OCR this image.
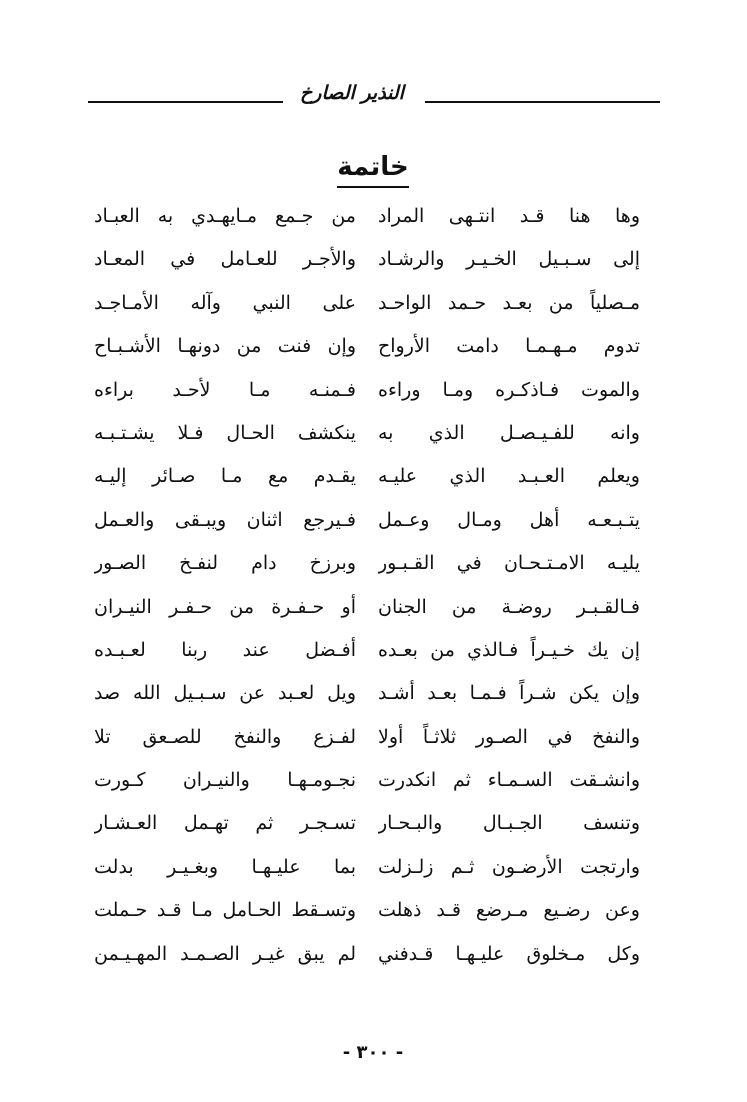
النذير الصارخ
خاتمة
وها هنا قـد انتـهى المراد
من جـمع مـايهـدي به العبـاد
إلى سـبـيل الخـيـر والرشـاد
والأجـر للعـامل في المعـاد
مـصلياً من بعـد حـمد الواحـد
على النبي وآله الأمـاجـد
تدوم مـهـمـا دامت الأرواح
وإن فنت من دونهـا الأشـبـاح
والموت فـاذكـره ومـا وراءه
فـمنـه مـا لأحـد براءه
وانه للفـيـصـل الذي به
ينكشف الحـال فـلا يشـتـبـه
ويعلم العـبـد الذي عليـه
يقـدم مع مـا صـائر إليـه
يتـبـعـه أهل ومـال وعـمل
فـيرجع اثنان ويبـقى والعـمل
يليـه الامـتـحـان في القـبـور
وبرزخ دام لنفـخ الصـور
فـالقـبـر روضـة من الجنان
أو حـفـرة من حـفـر النيـران
إن يك خـيـراً فـالذي من بعـده
أفـضل عند ربنا لعـبـده
وإن يكن شـراً فـمـا بعـد أشـد
ويل لعـبد عن سـبـيل الله صد
والنفخ في الصـور ثلاثـاً أولا
لفـزع والنفخ للصـعق تلا
وانشـقت السـمـاء ثم انكدرت
نجـومـهـا والنيـران كـورت
وتنسف الجـبـال والبـحـار
تسـجـر ثم تهـمل العـشـار
وارتجت الأرضـون ثـم زلـزلت
بما عليـهـا وبغـيـر بدلت
وعن رضـيع مـرضع قـد ذهلت
وتسـقط الحـامل مـا قـد حـملت
وكل مـخلوق عليـهـا قـدفني
لم يبق غيـر الصـمـد المهـيـمن
- ٣٠٠ -
